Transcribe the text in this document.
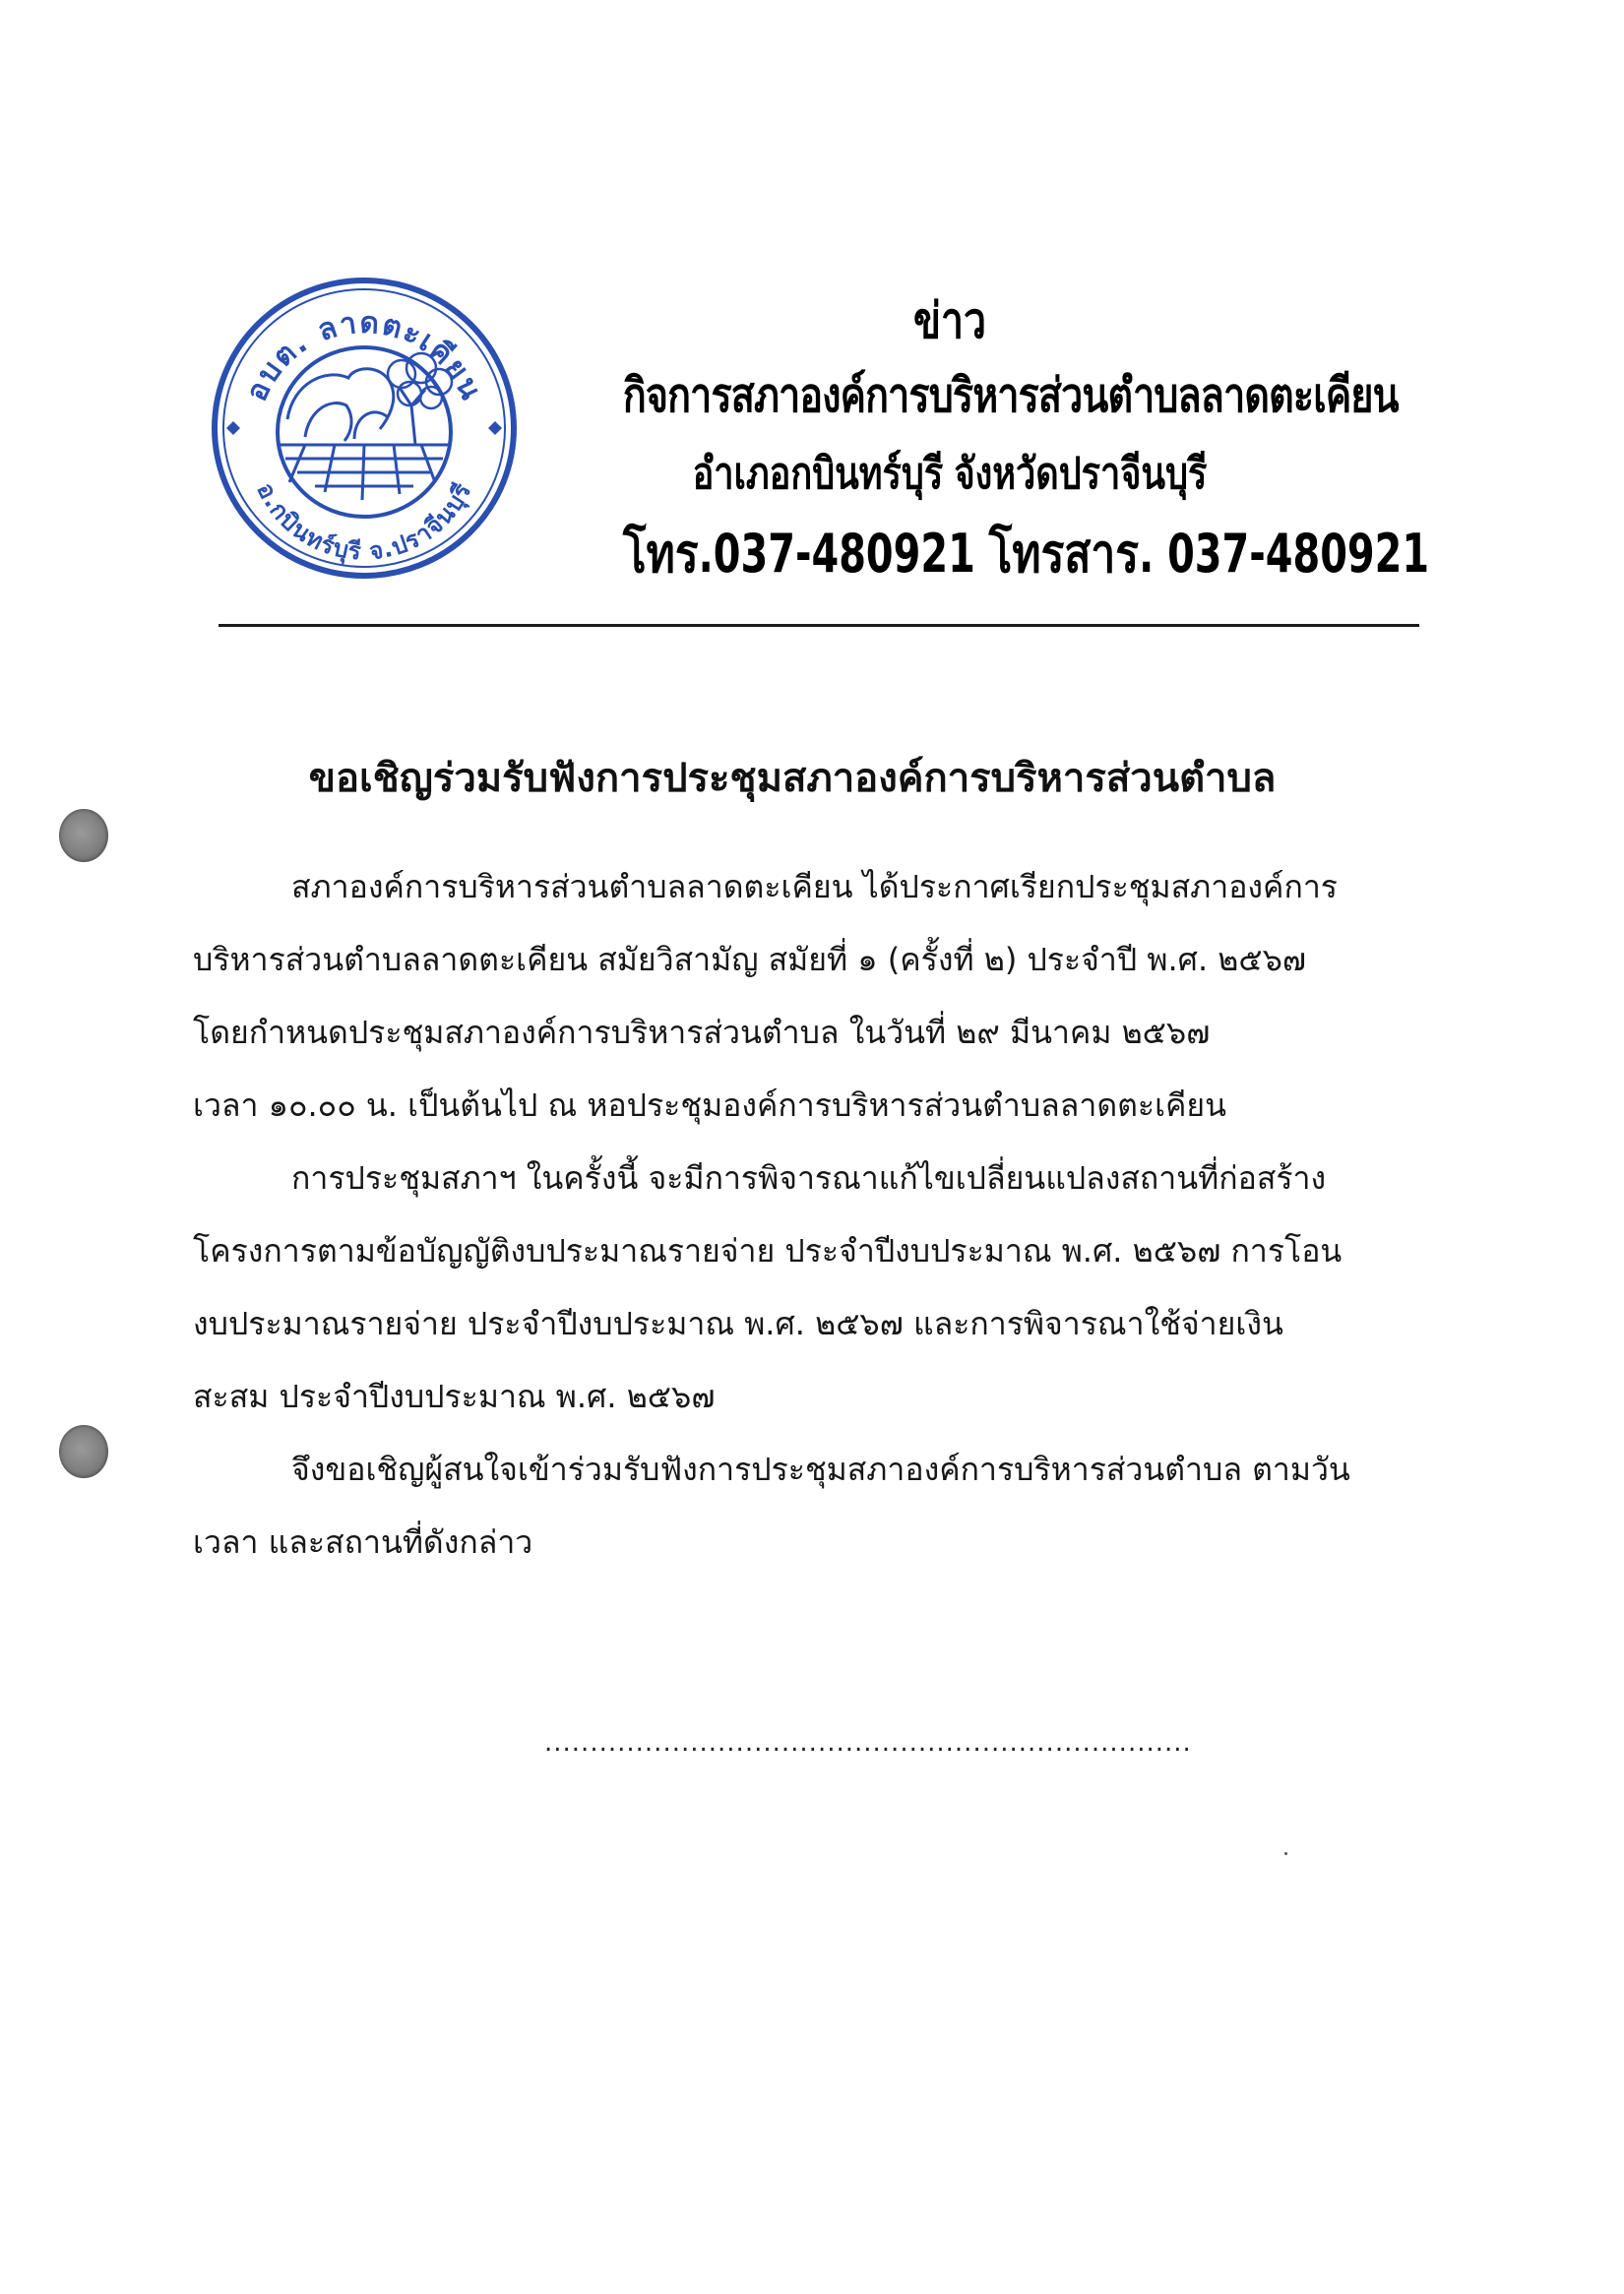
อบต. ลาดตะเคียน
อ.กบินทร์บุรี จ.ปราจีนบุรี
ข่าว
กิจการสภาองค์การบริหารส่วนตำบลลาดตะเคียน
อำเภอกบินทร์บุรี จังหวัดปราจีนบุรี
โทร.037-480921 โทรสาร. 037-480921
ขอเชิญร่วมรับฟังการประชุมสภาองค์การบริหารส่วนตำบล
สภาองค์การบริหารส่วนตำบลลาดตะเคียน ได้ประกาศเรียกประชุมสภาองค์การ
บริหารส่วนตำบลลาดตะเคียน สมัยวิสามัญ สมัยที่ ๑ (ครั้งที่ ๒) ประจำปี พ.ศ. ๒๕๖๗
โดยกำหนดประชุมสภาองค์การบริหารส่วนตำบล ในวันที่ ๒๙ มีนาคม ๒๕๖๗
เวลา ๑๐.๐๐ น. เป็นต้นไป ณ หอประชุมองค์การบริหารส่วนตำบลลาดตะเคียน
การประชุมสภาฯ ในครั้งนี้ จะมีการพิจารณาแก้ไขเปลี่ยนแปลงสถานที่ก่อสร้าง
โครงการตามข้อบัญญัติงบประมาณรายจ่าย ประจำปีงบประมาณ พ.ศ. ๒๕๖๗ การโอน
งบประมาณรายจ่าย ประจำปีงบประมาณ พ.ศ. ๒๕๖๗ และการพิจารณาใช้จ่ายเงิน
สะสม ประจำปีงบประมาณ พ.ศ. ๒๕๖๗
จึงขอเชิญผู้สนใจเข้าร่วมรับฟังการประชุมสภาองค์การบริหารส่วนตำบล ตามวัน
เวลา และสถานที่ดังกล่าว
.......................................................................
